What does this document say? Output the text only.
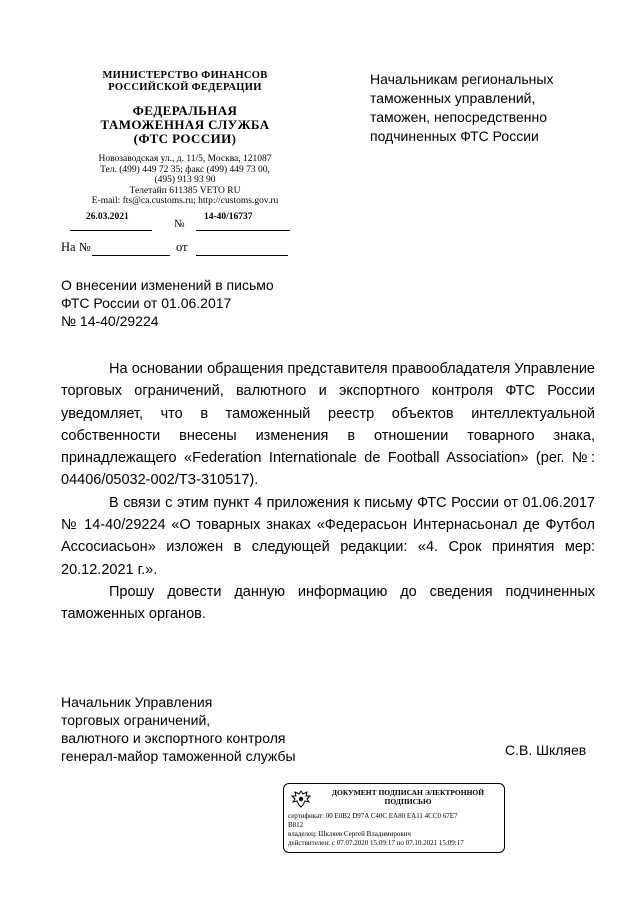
МИНИСТЕРСТВО ФИНАНСОВ
РОССИЙСКОЙ ФЕДЕРАЦИИ
ФЕДЕРАЛЬНАЯ
ТАМОЖЕННАЯ СЛУЖБА
(ФТС РОССИИ)
Новозаводская ул., д. 11/5, Москва, 121087
Тел. (499) 449 72 35; факс (499) 449 73 00,
(495) 913 93 90
Телетайп 611385 VETO RU
E-mail: fts@ca.customs.ru; http://customs.gov.ru
26.03.2021
№
14-40/16737
На №	от
Начальникам региональных
таможенных управлений,
таможен, непосредственно
подчиненных ФТС России
О внесении изменений в письмо
ФТС России от 01.06.2017
№ 14-40/29224

На основании обращения представителя правообладателя Управление торговых ограничений, валютного и экспортного контроля ФТС России уведомляет, что в таможенный реестр объектов интеллектуальной собственности внесены изменения в отношении товарного знака, принадлежащего «Federation Internationale de Football Association» (рег. №: 04406/05032-002/ТЗ-310517).

В связи с этим пункт 4 приложения к письму ФТС России от 01.06.2017 № 14-40/29224 «О товарных знаках «Федерасьон Интернасьонал де Футбол Ассосиасьон» изложен в следующей редакции: «4. Срок принятия мер: 20.12.2021 г.».

Прошу довести данную информацию до сведения подчиненных таможенных органов.

Начальник Управления
торговых ограничений,
валютного и экспортного контроля
генерал-майор таможенной службы	С.В. Шкляев
ДОКУМЕНТ ПОДПИСАН ЭЛЕКТРОННОЙ
ПОДПИСЬЮ
сертификат: 00 E0B2 D97A C40C EA80 EA11 4CC0 67E7
B812
владелец: Шкляев Сергей Владимирович
действителен: с 07.07.2020 15:09:17 по 07.10.2021 15:09:17
